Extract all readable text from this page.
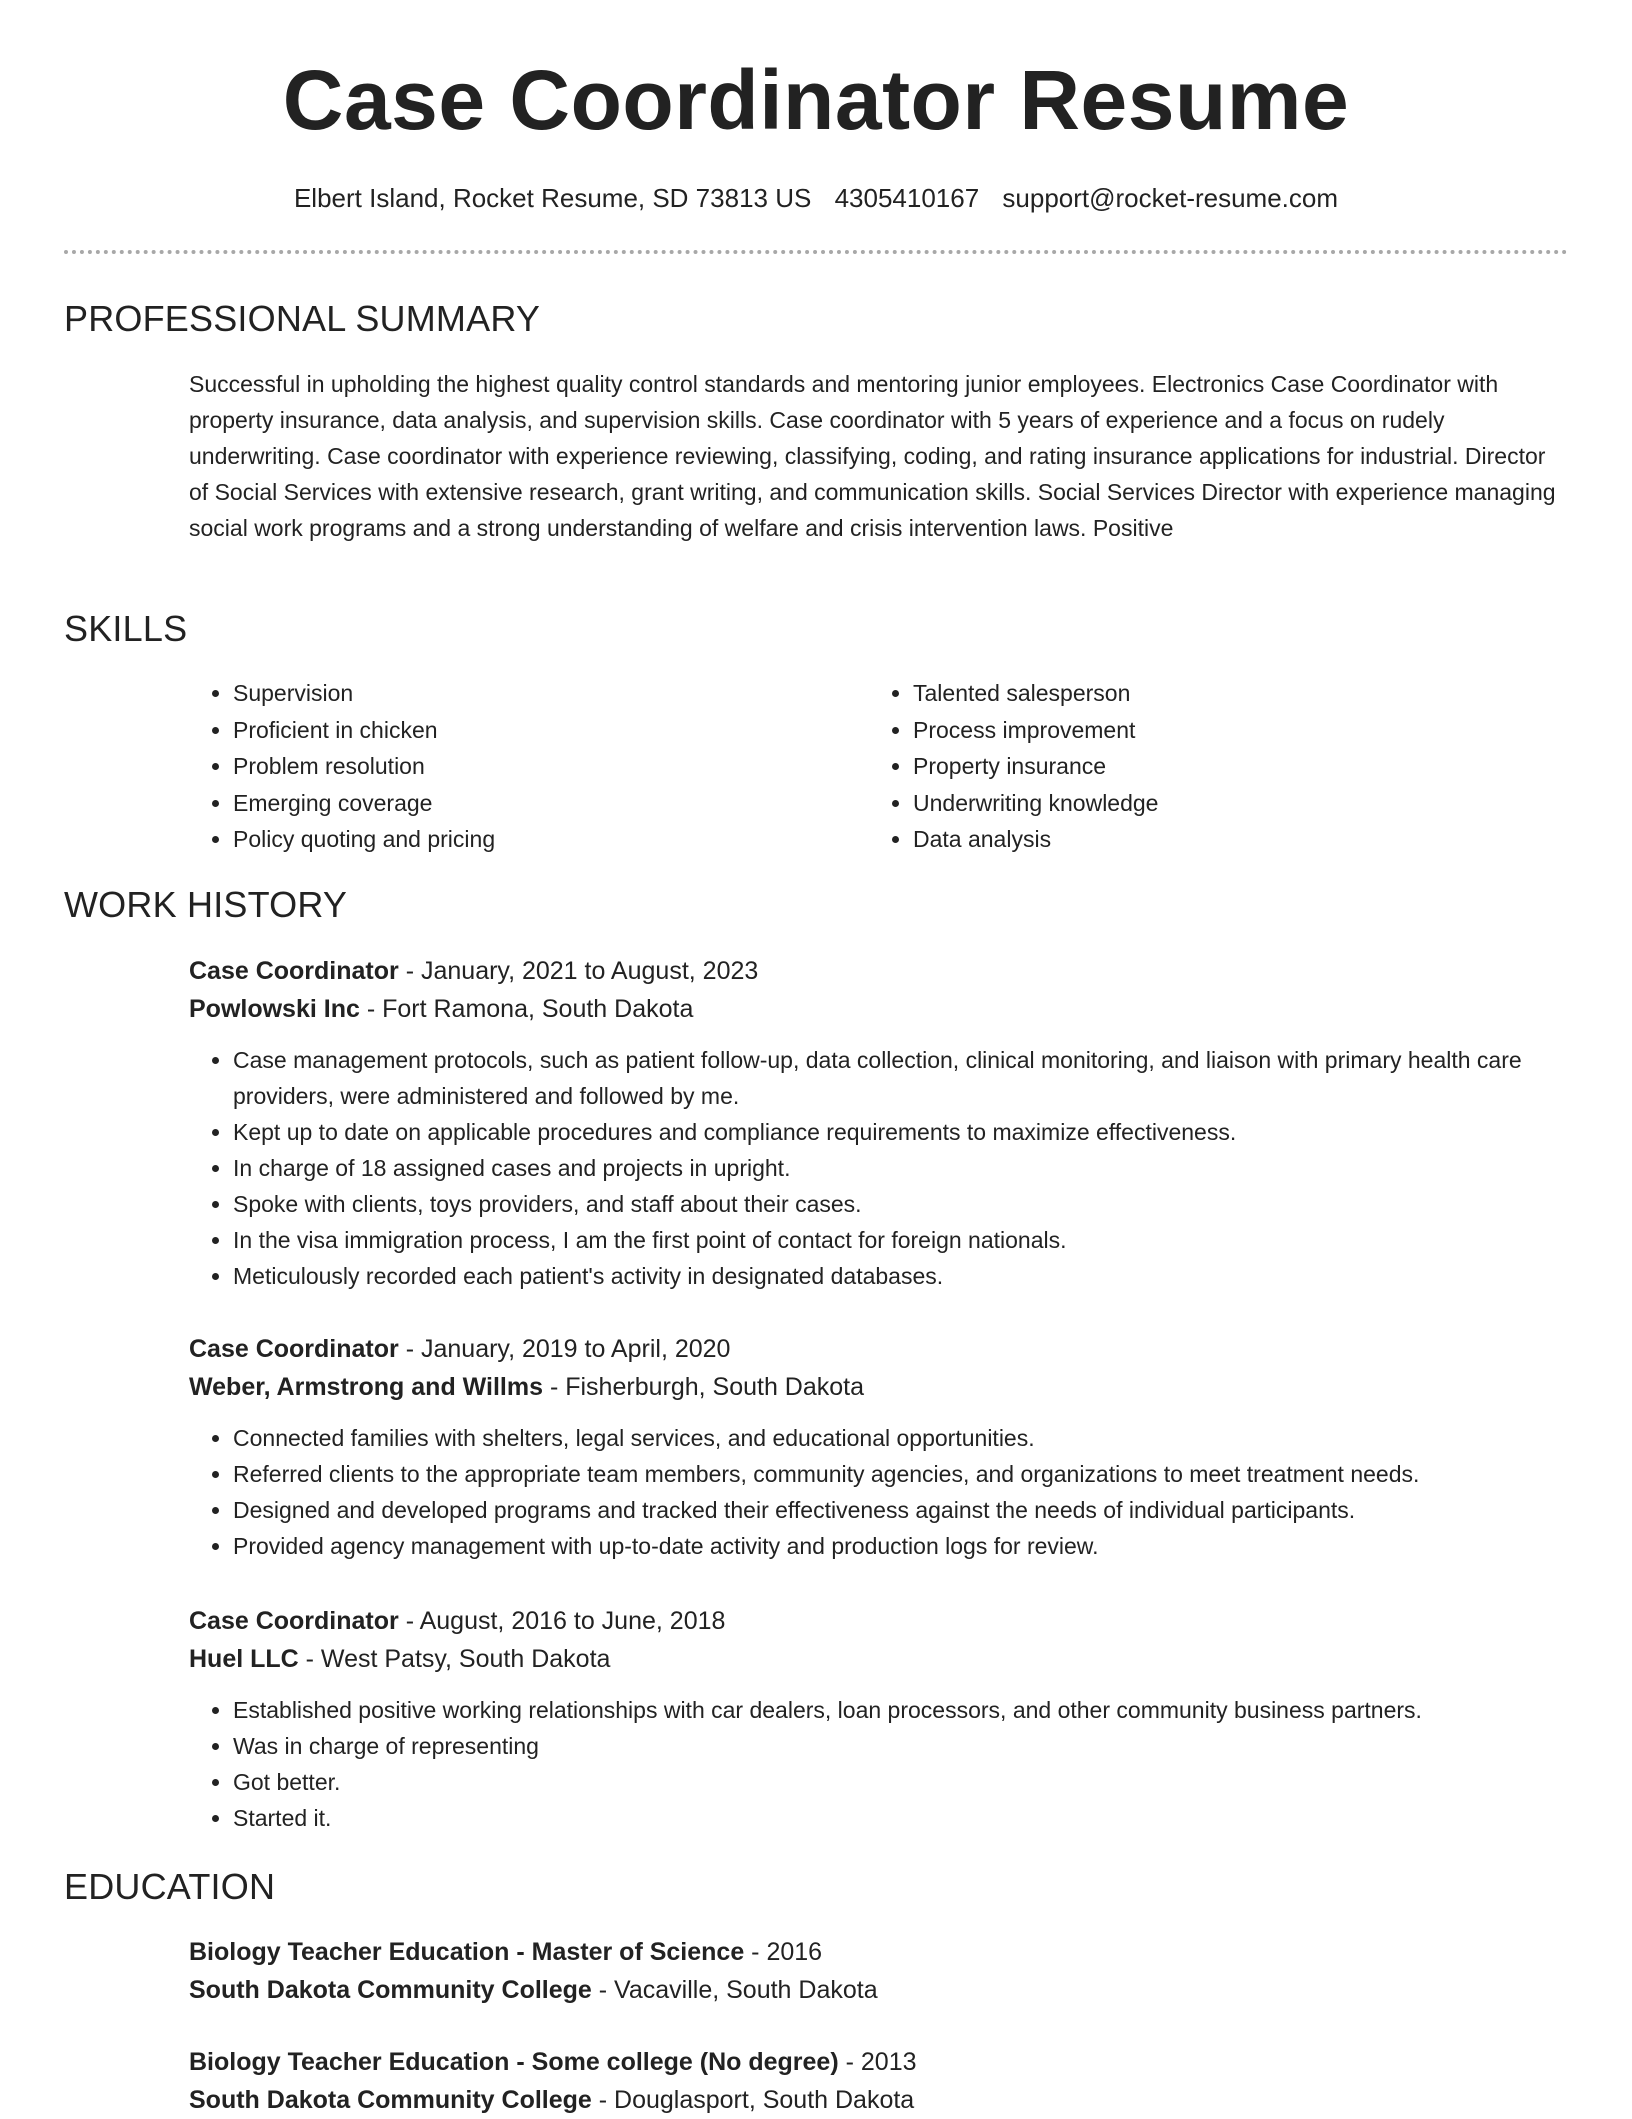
Case Coordinator Resume
Elbert Island, Rocket Resume, SD 73813 US 4305410167 support@rocket-resume.com
PROFESSIONAL SUMMARY

Successful in upholding the highest quality control standards and mentoring junior employees. Electronics Case Coordinator with property insurance, data analysis, and supervision skills. Case coordinator with 5 years of experience and a focus on rudely underwriting. Case coordinator with experience reviewing, classifying, coding, and rating insurance applications for industrial. Director of Social Services with extensive research, grant writing, and communication skills. Social Services Director with experience managing social work programs and a strong understanding of welfare and crisis intervention laws. Positive

SKILLS
• Supervision
• Proficient in chicken
• Problem resolution
• Emerging coverage
• Policy quoting and pricing
• Talented salesperson
• Process improvement
• Property insurance
• Underwriting knowledge
• Data analysis
WORK HISTORY
Case Coordinator - January, 2021 to August, 2023
Powlowski Inc - Fort Ramona, South Dakota
• Case management protocols, such as patient follow-up, data collection, clinical monitoring, and liaison with primary health care providers, were administered and followed by me.
• Kept up to date on applicable procedures and compliance requirements to maximize effectiveness.
• In charge of 18 assigned cases and projects in upright.
• Spoke with clients, toys providers, and staff about their cases.
• In the visa immigration process, I am the first point of contact for foreign nationals.
• Meticulously recorded each patient's activity in designated databases.
Case Coordinator - January, 2019 to April, 2020
Weber, Armstrong and Willms - Fisherburgh, South Dakota
• Connected families with shelters, legal services, and educational opportunities.
• Referred clients to the appropriate team members, community agencies, and organizations to meet treatment needs.
• Designed and developed programs and tracked their effectiveness against the needs of individual participants.
• Provided agency management with up-to-date activity and production logs for review.
Case Coordinator - August, 2016 to June, 2018
Huel LLC - West Patsy, South Dakota
• Established positive working relationships with car dealers, loan processors, and other community business partners.
• Was in charge of representing
• Got better.
• Started it.
EDUCATION
Biology Teacher Education - Master of Science - 2016
South Dakota Community College - Vacaville, South Dakota
Biology Teacher Education - Some college (No degree) - 2013
South Dakota Community College - Douglasport, South Dakota
